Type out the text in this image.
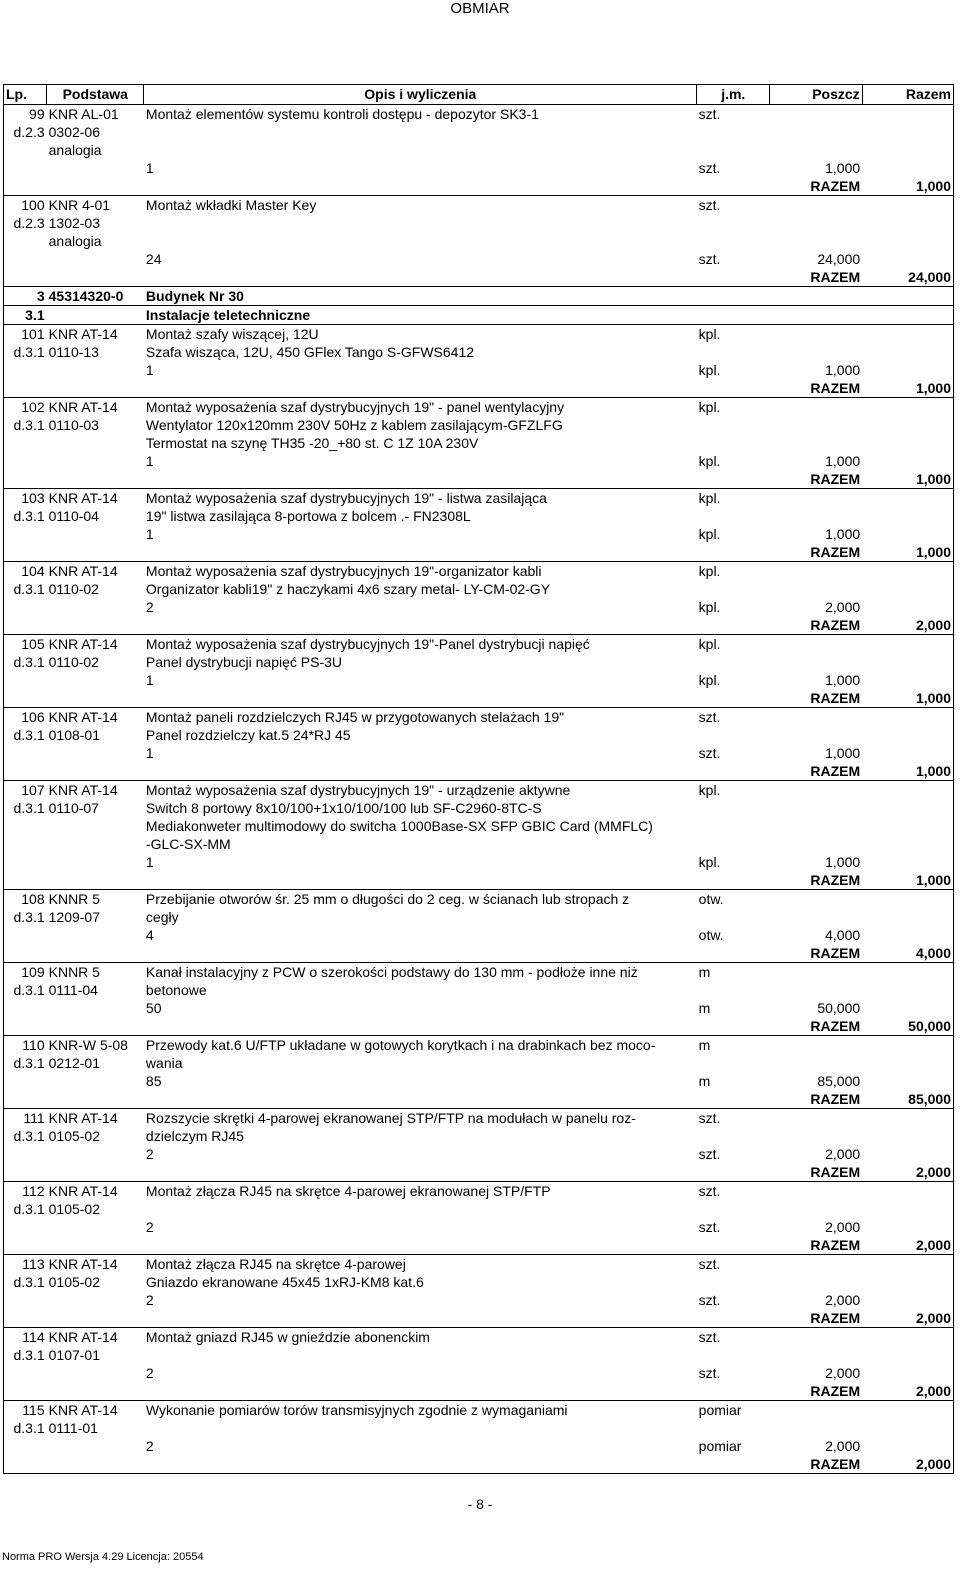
OBMIAR
Lp.	Podstawa	Opis i wyliczenia	j.m.	Poszcz	Razem
99	KNR AL-01	Montaż elementów systemu kontroli dostępu - depozytor SK3-1	szt.		
d.2.3	0302-06				
	analogia				
		1	szt.	1,000	
				RAZEM	1,000
100	KNR 4-01	Montaż wkładki Master Key	szt.		
d.2.3	1302-03				
	analogia				
		24	szt.	24,000	
				RAZEM	24,000
3	45314320-0	Budynek Nr 30			
3.1		Instalacje teletechniczne			
101	KNR AT-14	Montaż szafy wiszącej, 12U	kpl.		
d.3.1	0110-13	Szafa wisząca, 12U, 450 GFlex Tango S-GFWS6412			
		1	kpl.	1,000	
				RAZEM	1,000
102	KNR AT-14	Montaż wyposażenia szaf dystrybucyjnych 19" - panel wentylacyjny	kpl.		
d.3.1	0110-03	Wentylator 120x120mm 230V 50Hz z kablem zasilającym-GFZLFG			
		Termostat na szynę TH35 -20_+80 st. C 1Z 10A 230V			
		1	kpl.	1,000	
				RAZEM	1,000
103	KNR AT-14	Montaż wyposażenia szaf dystrybucyjnych 19" - listwa zasilająca	kpl.		
d.3.1	0110-04	19" listwa zasilająca 8-portowa z bolcem .- FN2308L			
		1	kpl.	1,000	
				RAZEM	1,000
104	KNR AT-14	Montaż wyposażenia szaf dystrybucyjnych 19"-organizator kabli	kpl.		
d.3.1	0110-02	Organizator kabli19" z haczykami 4x6 szary metal- LY-CM-02-GY			
		2	kpl.	2,000	
				RAZEM	2,000
105	KNR AT-14	Montaż wyposażenia szaf dystrybucyjnych 19"-Panel dystrybucji napięć	kpl.		
d.3.1	0110-02	Panel dystrybucji napięć PS-3U			
		1	kpl.	1,000	
				RAZEM	1,000
106	KNR AT-14	Montaż paneli rozdzielczych RJ45 w przygotowanych stelażach 19"	szt.		
d.3.1	0108-01	Panel rozdzielczy kat.5 24*RJ 45			
		1	szt.	1,000	
				RAZEM	1,000
107	KNR AT-14	Montaż wyposażenia szaf dystrybucyjnych 19" - urządzenie aktywne	kpl.		
d.3.1	0110-07	Switch 8 portowy 8x10/100+1x10/100/100 lub SF-C2960-8TC-S			
		Mediakonweter multimodowy do switcha 1000Base-SX SFP GBIC Card (MMFLC)			
		-GLC-SX-MM			
		1	kpl.	1,000	
				RAZEM	1,000
108	KNNR 5	Przebijanie otworów śr. 25 mm o długości do 2 ceg. w ścianach lub stropach z	otw.		
d.3.1	1209-07	cegły			
		4	otw.	4,000	
				RAZEM	4,000
109	KNNR 5	Kanał instalacyjny z PCW o szerokości podstawy do 130 mm - podłoże inne niż	m		
d.3.1	0111-04	betonowe			
		50	m	50,000	
				RAZEM	50,000
110	KNR-W 5-08	Przewody kat.6 U/FTP układane w gotowych korytkach i na drabinkach bez moco-	m		
d.3.1	0212-01	wania			
		85	m	85,000	
				RAZEM	85,000
111	KNR AT-14	Rozszycie skrętki 4-parowej ekranowanej STP/FTP na modułach w panelu roz-	szt.		
d.3.1	0105-02	dzielczym RJ45			
		2	szt.	2,000	
				RAZEM	2,000
112	KNR AT-14	Montaż złącza RJ45 na skrętce 4-parowej ekranowanej STP/FTP	szt.		
d.3.1	0105-02				
		2	szt.	2,000	
				RAZEM	2,000
113	KNR AT-14	Montaż złącza RJ45 na skrętce 4-parowej	szt.		
d.3.1	0105-02	Gniazdo ekranowane 45x45 1xRJ-KM8 kat.6			
		2	szt.	2,000	
				RAZEM	2,000
114	KNR AT-14	Montaż gniazd RJ45 w gnieździe abonenckim	szt.		
d.3.1	0107-01				
		2	szt.	2,000	
				RAZEM	2,000
115	KNR AT-14	Wykonanie pomiarów torów transmisyjnych zgodnie z wymaganiami	pomiar		
d.3.1	0111-01				
		2	pomiar	2,000	
				RAZEM	2,000
- 8 -
Norma PRO Wersja 4.29 Licencja: 20554
